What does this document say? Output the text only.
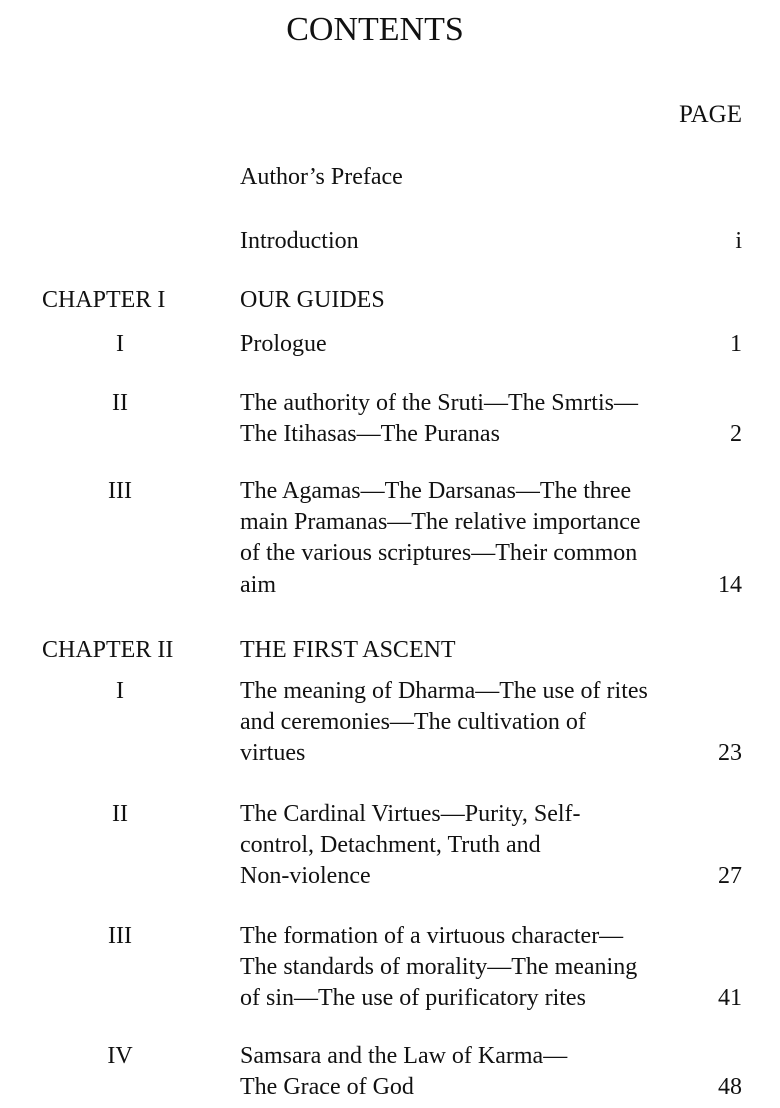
CONTENTS
PAGE
Author’s Preface
Introduction	i
CHAPTER I	OUR GUIDES
I	Prologue	1
II	The authority of the Sruti—The Smrtis—
The Itihasas—The Puranas	2
III	The Agamas—The Darsanas—The three
main Pramanas—The relative importance
of the various scriptures—Their common
aim	14
CHAPTER II	THE FIRST ASCENT
I	The meaning of Dharma—The use of rites
and ceremonies—The cultivation of
virtues	23
II	The Cardinal Virtues—Purity, Self-
control, Detachment, Truth and
Non-violence	27
III	The formation of a virtuous character—
The standards of morality—The meaning
of sin—The use of purificatory rites	41
IV	Samsara and the Law of Karma—
The Grace of God	48
